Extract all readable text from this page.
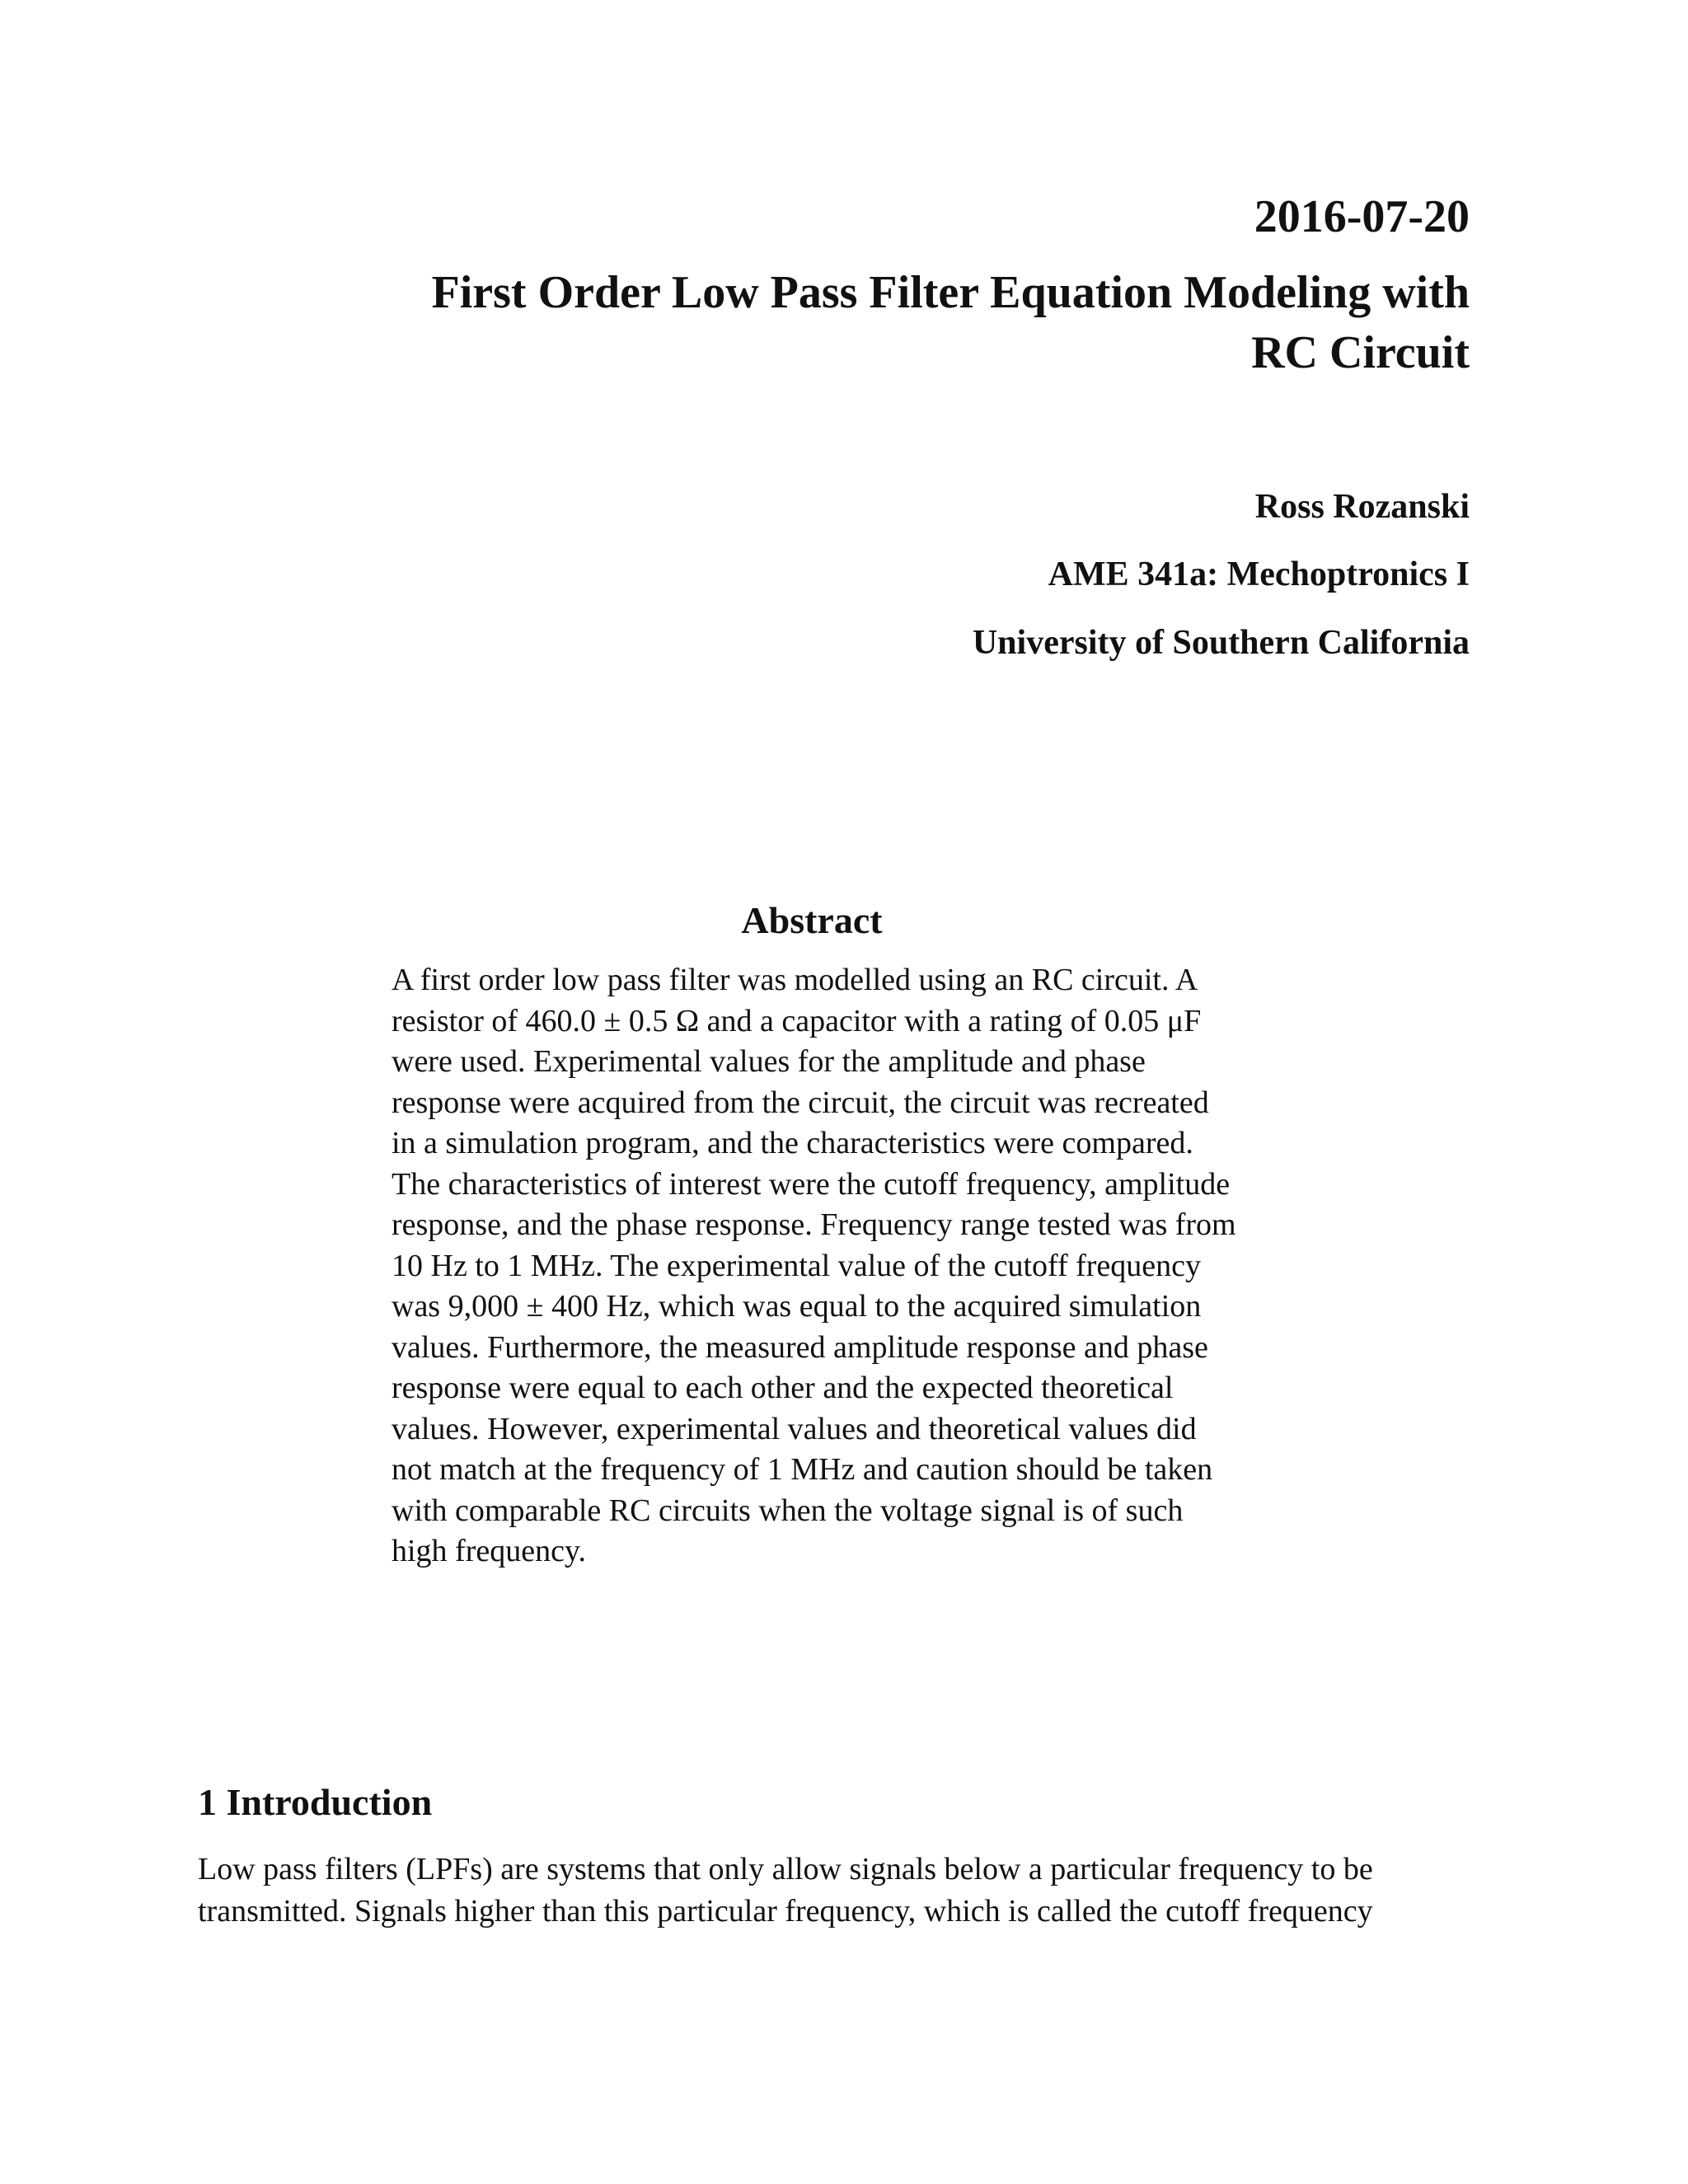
2016-07-20

First Order Low Pass Filter Equation Modeling with
RC Circuit
Ross Rozanski
AME 341a: Mechoptronics I
University of Southern California
Abstract

A first order low pass filter was modelled using an RC circuit. A
resistor of 460.0 ± 0.5 Ω and a capacitor with a rating of 0.05 μF
were used. Experimental values for the amplitude and phase
response were acquired from the circuit, the circuit was recreated
in a simulation program, and the characteristics were compared.
The characteristics of interest were the cutoff frequency, amplitude
response, and the phase response. Frequency range tested was from
10 Hz to 1 MHz. The experimental value of the cutoff frequency
was 9,000 ± 400 Hz, which was equal to the acquired simulation
values. Furthermore, the measured amplitude response and phase
response were equal to each other and the expected theoretical
values. However, experimental values and theoretical values did
not match at the frequency of 1 MHz and caution should be taken
with comparable RC circuits when the voltage signal is of such
high frequency.

1 Introduction

Low pass filters (LPFs) are systems that only allow signals below a particular frequency to be
transmitted. Signals higher than this particular frequency, which is called the cutoff frequency
